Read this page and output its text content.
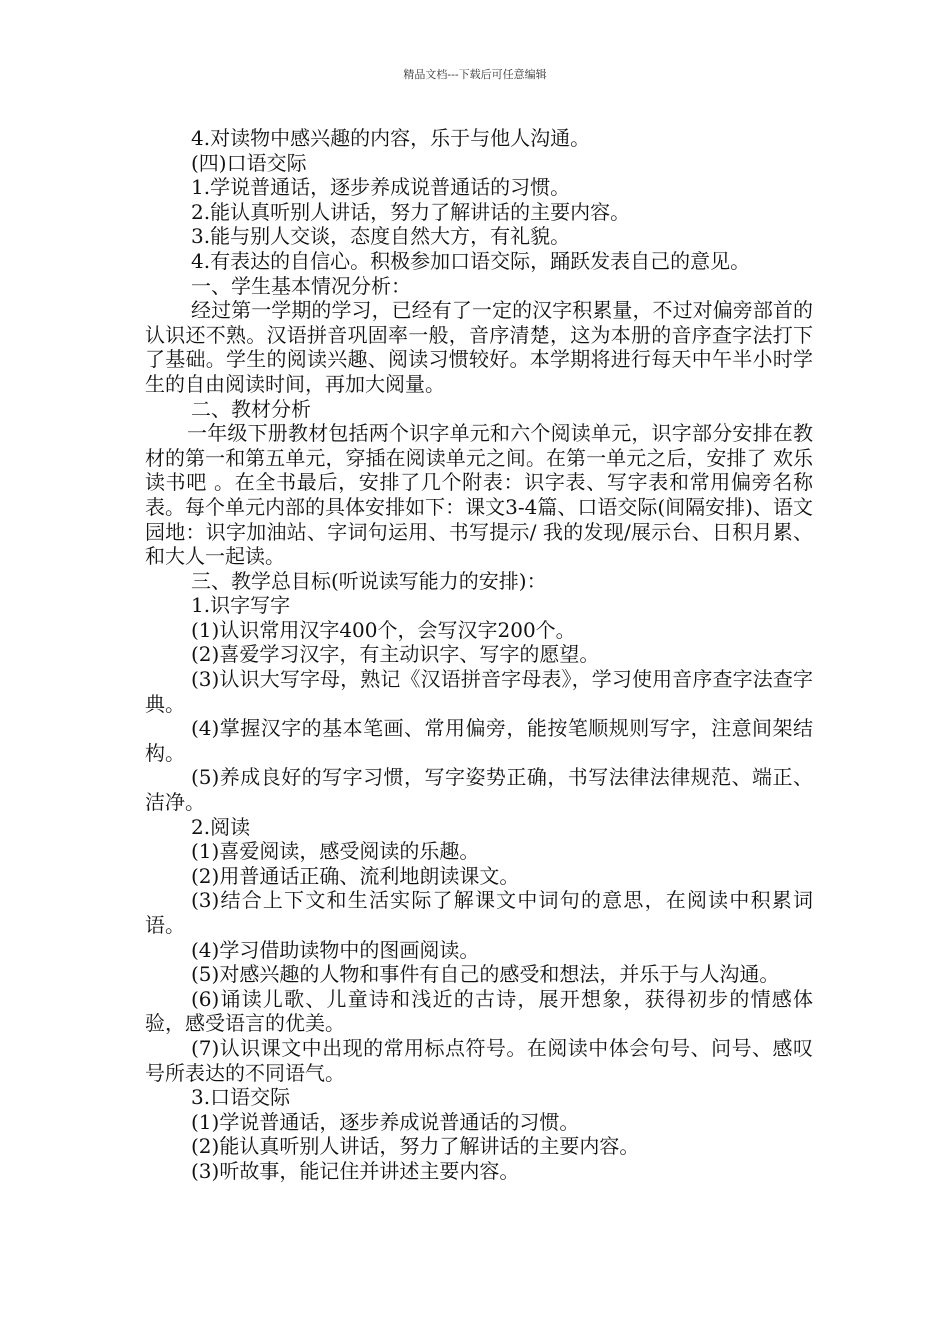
精品文档---下载后可任意编辑

4.对读物中感兴趣的内容，乐于与他人沟通。

(四)口语交际

1.学说普通话，逐步养成说普通话的习惯。

2.能认真听别人讲话，努力了解讲话的主要内容。

3.能与别人交谈，态度自然大方，有礼貌。

4.有表达的自信心。积极参加口语交际，踊跃发表自己的意见。

一、学生基本情况分析：

经过第一学期的学习，已经有了一定的汉字积累量，不过对偏旁部首的认识还不熟。汉语拼音巩固率一般，音序清楚，这为本册的音序查字法打下了基础。学生的阅读兴趣、阅读习惯较好。本学期将进行每天中午半小时学生的自由阅读时间，再加大阅量。

二、教材分析

一年级下册教材包括两个识字单元和六个阅读单元，识字部分安排在教材的第一和第五单元，穿插在阅读单元之间。在第一单元之后，安排了 欢乐读书吧 。在全书最后，安排了几个附表：识字表、写字表和常用偏旁名称表。每个单元内部的具体安排如下：课文3-4篇、口语交际(间隔安排)、语文园地：识字加油站、字词句运用、书写提示/ 我的发现/展示台、日积月累、和大人一起读。

三、教学总目标(听说读写能力的安排)：

1.识字写字

(1)认识常用汉字400个，会写汉字200个。

(2)喜爱学习汉字，有主动识字、写字的愿望。

(3)认识大写字母，熟记《汉语拼音字母表》，学习使用音序查字法查字典。

(4)掌握汉字的基本笔画、常用偏旁，能按笔顺规则写字，注意间架结构。

(5)养成良好的写字习惯，写字姿势正确，书写法律法律规范、端正、洁净。

2.阅读

(1)喜爱阅读，感受阅读的乐趣。

(2)用普通话正确、流利地朗读课文。

(3)结合上下文和生活实际了解课文中词句的意思，在阅读中积累词语。

(4)学习借助读物中的图画阅读。

(5)对感兴趣的人物和事件有自己的感受和想法，并乐于与人沟通。

(6)诵读儿歌、儿童诗和浅近的古诗，展开想象，获得初步的情感体验，感受语言的优美。

(7)认识课文中出现的常用标点符号。在阅读中体会句号、问号、感叹号所表达的不同语气。

3.口语交际

(1)学说普通话，逐步养成说普通话的习惯。

(2)能认真听别人讲话，努力了解讲话的主要内容。

(3)听故事，能记住并讲述主要内容。
